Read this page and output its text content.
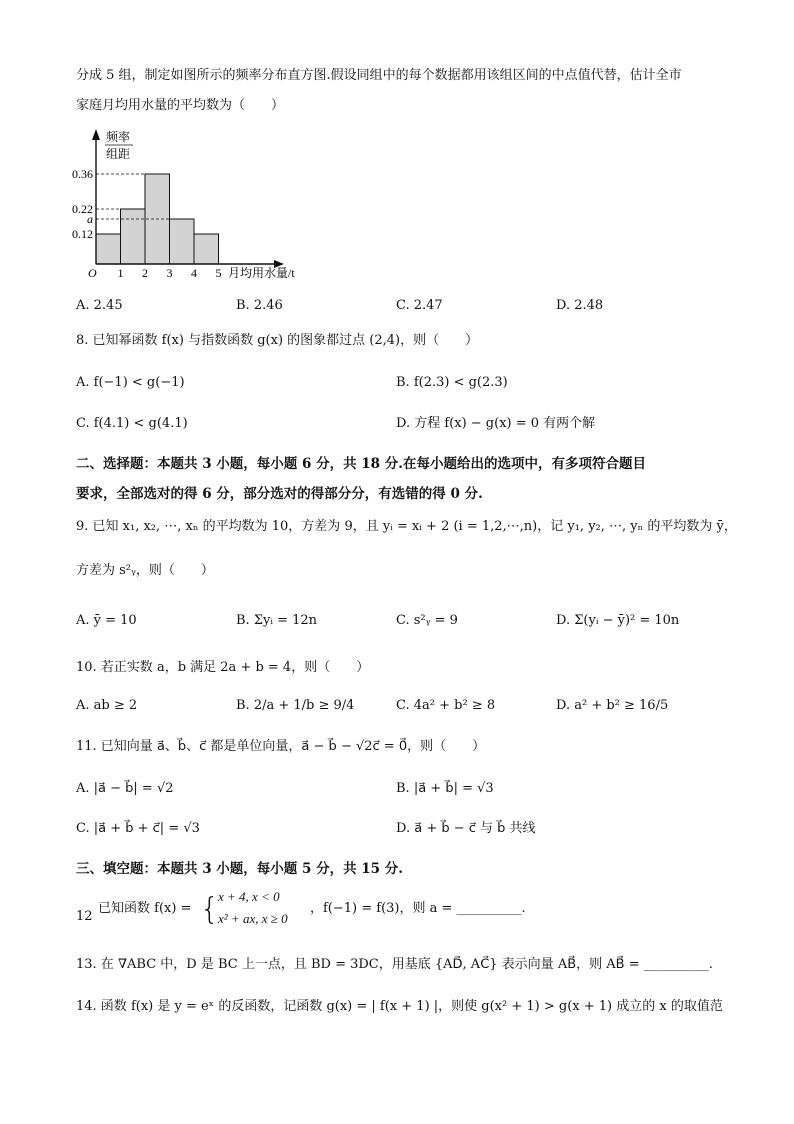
分成 5 组，制定如图所示的频率分布直方图.假设同组中的每个数据都用该组区间的中点值代替，估计全市
家庭月均用水量的平均数为（　　）
频率
组距
O	月均用水量/t
1 2 3 4 5
0.36
0.22
a
0.12
A. 2.45	B. 2.46	C. 2.47	D. 2.48
8. 已知幂函数 f(x) 与指数函数 g(x) 的图象都过点 (2,4)，则（　　）
A. f(−1) < g(−1)	B. f(2.3) < g(2.3)
C. f(4.1) < g(4.1)	D. 方程 f(x) − g(x) = 0 有两个解
二、选择题：本题共 3 小题，每小题 6 分，共 18 分.在每小题给出的选项中，有多项符合题目
要求，全部选对的得 6 分，部分选对的得部分分，有选错的得 0 分.
9. 已知 x₁, x₂, ⋯, xₙ 的平均数为 10，方差为 9，且 yᵢ = xᵢ + 2 (i = 1,2,⋯,n)，记 y₁, y₂, ⋯, yₙ 的平均数为 ȳ，
方差为 s²ᵧ，则（　　）
A. ȳ = 10	B. Σyᵢ = 12n	C. s²ᵧ = 9	D. Σ(yᵢ − ȳ)² = 10n
10. 若正实数 a，b 满足 2a + b = 4，则（　　）
A. ab ≥ 2	B. 2/a + 1/b ≥ 9/4	C. 4a² + b² ≥ 8	D. a² + b² ≥ 16/5
11. 已知向量 a⃗、b⃗、c⃗ 都是单位向量，a⃗ − b⃗ − √2c⃗ = 0⃗，则（　　）
A. |a⃗ − b⃗| = √2	B. |a⃗ + b⃗| = √3
C. |a⃗ + b⃗ + c⃗| = √3	D. a⃗ + b⃗ − c⃗ 与 b⃗ 共线
三、填空题：本题共 3 小题，每小题 5 分，共 15 分.
12
已知函数 f(x) = {
x + 4, x < 0
x² + ax, x ≥ 0
，f(−1) = f(3)，则 a = __________.
13. 在 ∇ABC 中，D 是 BC 上一点，且 BD = 3DC，用基底 {AD⃗, AC⃗} 表示向量 AB⃗，则 AB⃗ = __________.
14. 函数 f(x) 是 y = eˣ 的反函数，记函数 g(x) = | f(x + 1) |，则使 g(x² + 1) > g(x + 1) 成立的 x 的取值范
